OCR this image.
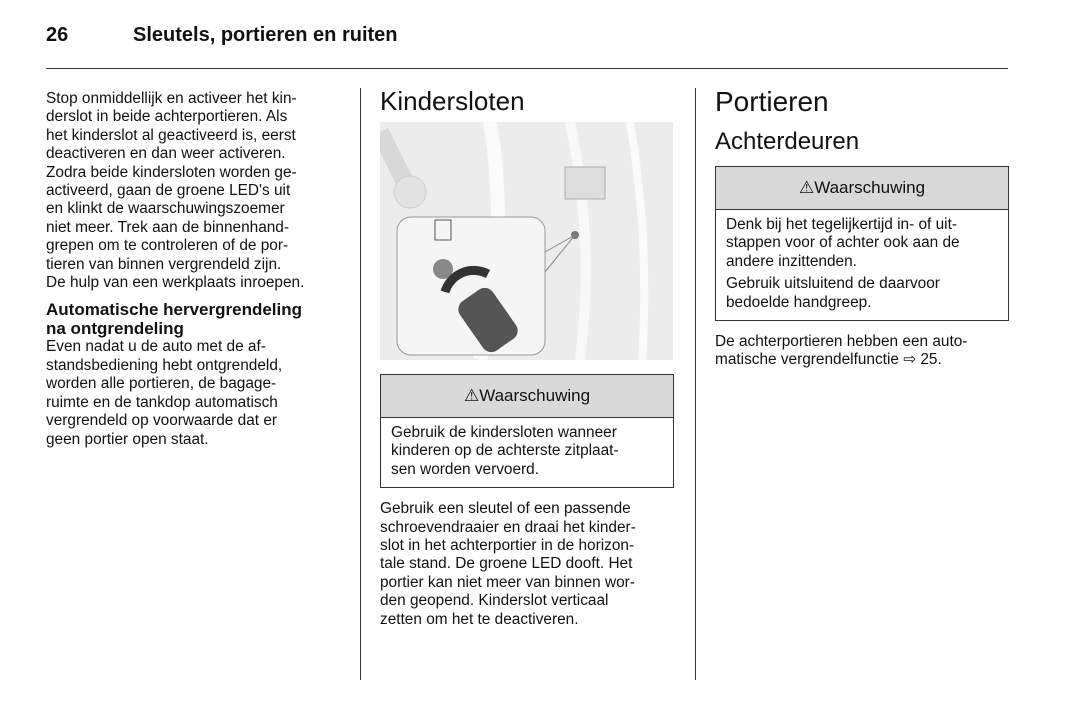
26	Sleutels, portieren en ruiten
Stop onmiddellijk en activeer het kin-
derslot in beide achterportieren. Als
het kinderslot al geactiveerd is, eerst
deactiveren en dan weer activeren.
Zodra beide kindersloten worden ge-
activeerd, gaan de groene LED's uit
en klinkt de waarschuwingszoemer
niet meer. Trek aan de binnenhand-
grepen om te controleren of de por-
tieren van binnen vergrendeld zijn.
De hulp van een werkplaats inroepen.
Automatische hervergrendeling
na ontgrendeling
Even nadat u de auto met de af-
standsbediening hebt ontgrendeld,
worden alle portieren, de bagage-
ruimte en de tankdop automatisch
vergrendeld op voorwaarde dat er
geen portier open staat.
Kindersloten
⚠ Waarschuwing
Gebruik de kindersloten wanneer
kinderen op de achterste zitplaat-
sen worden vervoerd.
Gebruik een sleutel of een passende
schroevendraaier en draai het kinder-
slot in het achterportier in de horizon-
tale stand. De groene LED dooft. Het
portier kan niet meer van binnen wor-
den geopend. Kinderslot verticaal
zetten om het te deactiveren.
Portieren
Achterdeuren
⚠ Waarschuwing
Denk bij het tegelijkertijd in- of uit-
stappen voor of achter ook aan de
andere inzittenden.
Gebruik uitsluitend de daarvoor
bedoelde handgreep.
De achterportieren hebben een auto-
matische vergrendelfunctie ⇨ 25.
